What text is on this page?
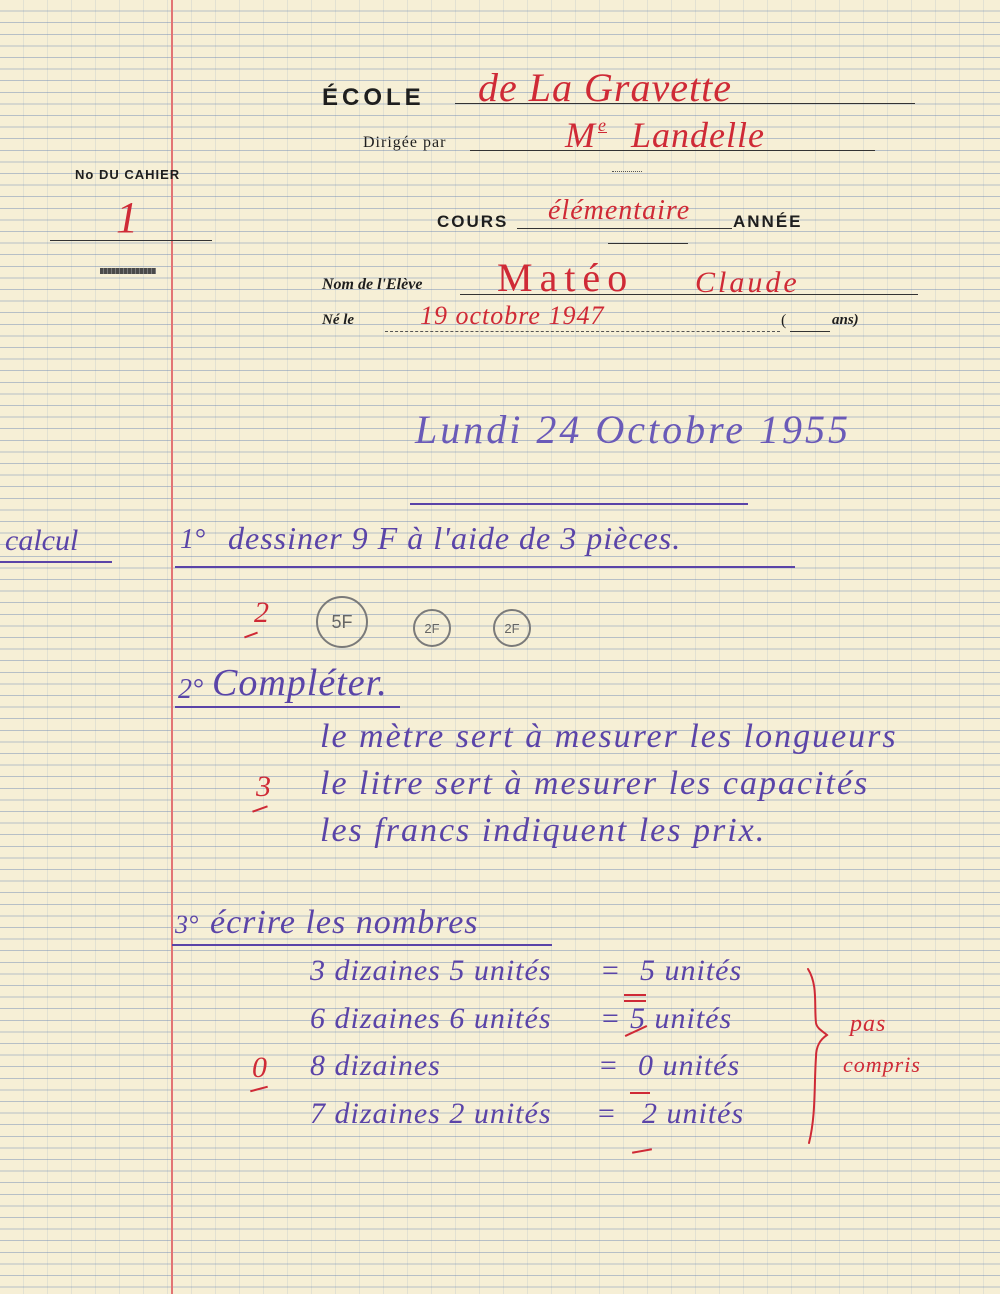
ÉCOLE de La Gravette
Dirigée par	M $^e$ Landelle
No DU CAHIER
1	COURS élémentaire	ANNÉE
Nom de l'Elève Matéo Claude
Né le	19 octobre 1947	(	ans)
Lundi 24 Octobre 1955
calcul	1° dessiner 9 F à l'aide de 3 pièces.
2	5F	2F	2F
2° Compléter.
le mètre sert à mesurer les longueurs
le litre sert à mesurer les capacités
les francs indiquent les prix.
3
3° écrire les nombres
3 dizaines 5 unités = 5 unités
6 dizaines 6 unités = 5 unités
8 dizaines	= 0 unités
7 dizaines 2 unités = 2 unités
0
pas
compris
